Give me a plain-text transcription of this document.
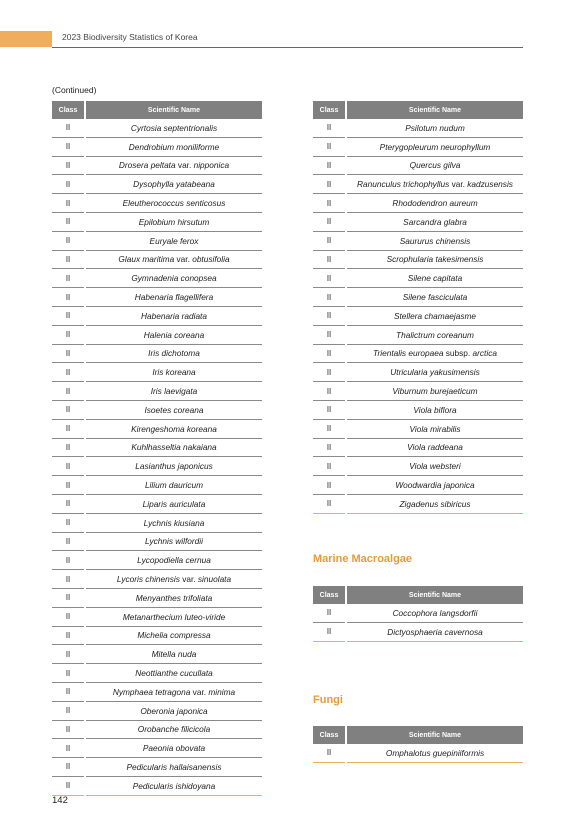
2023 Biodiversity Statistics of Korea
(Continued)
Class	Scientific Name
II	Cyrtosia septentrionalis
II	Dendrobium moniliforme
II	Drosera peltata var. nipponica
II	Dysophylla yatabeana
II	Eleutherococcus senticosus
II	Epilobium hirsutum
II	Euryale ferox
II	Glaux maritima var. obtusifolia
II	Gymnadenia conopsea
II	Habenaria flagellifera
II	Habenaria radiata
II	Halenia coreana
II	Iris dichotoma
II	Iris koreana
II	Iris laevigata
II	Isoetes coreana
II	Kirengeshoma koreana
II	Kuhlhasseltia nakaiana
II	Lasianthus japonicus
II	Lilium dauricum
II	Liparis auriculata
II	Lychnis kiusiana
II	Lychnis wilfordii
II	Lycopodiella cernua
II	Lycoris chinensis var. sinuolata
II	Menyanthes trifoliata
II	Metanarthecium luteo-viride
II	Michelia compressa
II	Mitella nuda
II	Neottianthe cucullata
II	Nymphaea tetragona var. minima
II	Oberonia japonica
II	Orobanche filicicola
II	Paeonia obovata
II	Pedicularis hallaisanensis
II	Pedicularis ishidoyana
Class	Scientific Name
II	Psilotum nudum
II	Pterygopleurum neurophyllum
II	Quercus gilva
II	Ranunculus trichophyllus var. kadzusensis
II	Rhododendron aureum
II	Sarcandra glabra
II	Saururus chinensis
II	Scrophularia takesimensis
II	Silene capitata
II	Silene fasciculata
II	Stellera chamaejasme
II	Thalictrum coreanum
II	Trientalis europaea subsp. arctica
II	Utricularia yakusimensis
II	Viburnum burejaeticum
II	Viola biflora
II	Viola mirabilis
II	Viola raddeana
II	Viola websteri
II	Woodwardia japonica
II	Zigadenus sibiricus
Marine Macroalgae
Class	Scientific Name
II	Coccophora langsdorfii
II	Dictyosphaeria cavernosa
Fungi
Class	Scientific Name
II	Omphalotus guepiniiformis
142
